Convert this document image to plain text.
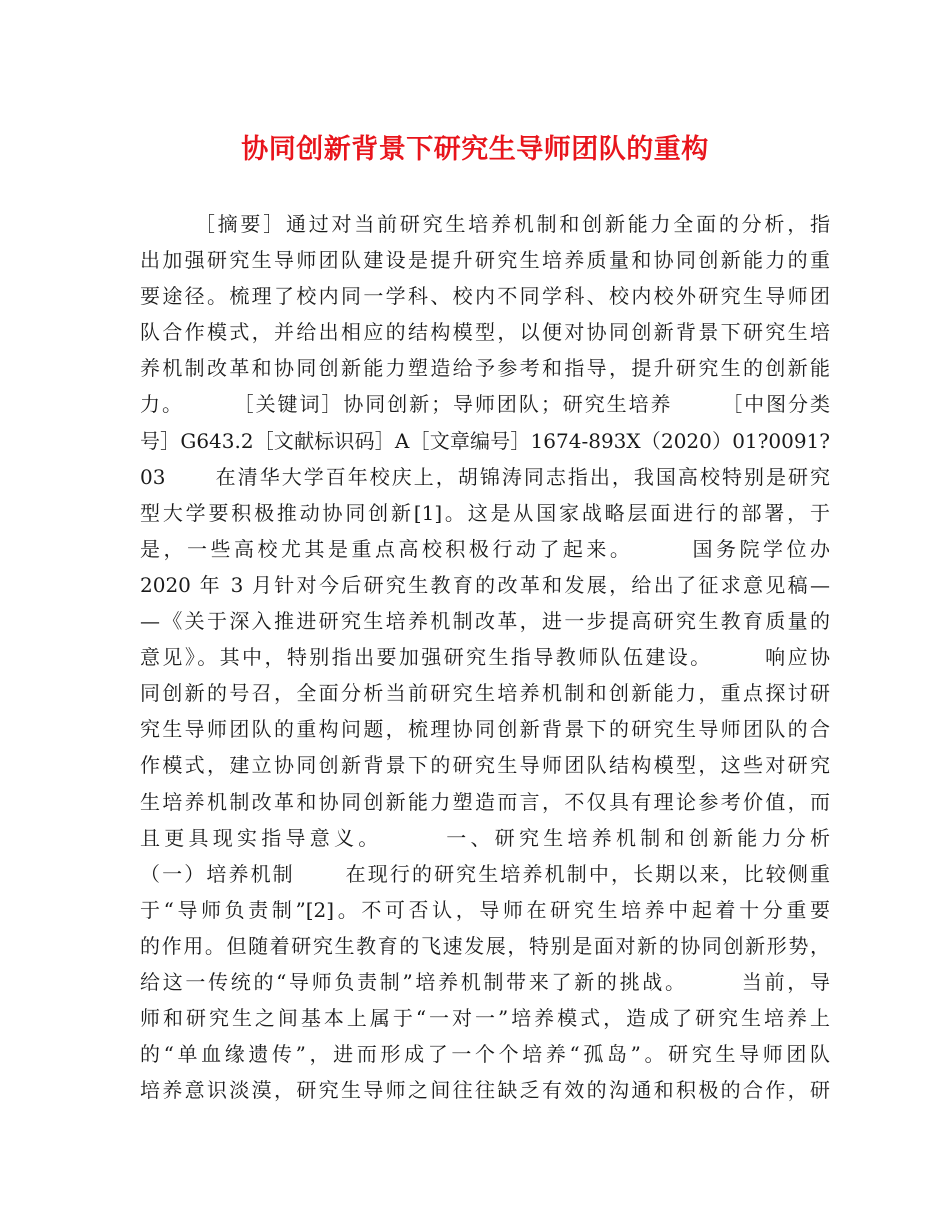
协同创新背景下研究生导师团队的重构
［摘要］通过对当前研究生培养机制和创新能力全面的分析，指
出加强研究生导师团队建设是提升研究生培养质量和协同创新能力的重
要途径。梳理了校内同一学科、校内不同学科、校内校外研究生导师团
队合作模式，并给出相应的结构模型，以便对协同创新背景下研究生培
养机制改革和协同创新能力塑造给予参考和指导，提升研究生的创新能
力。      ［关键词］协同创新；导师团队；研究生培养      ［中图分类
号］G643.2［文献标识码］A［文章编号］1674-893X（2020）01?0091?
03      在清华大学百年校庆上，胡锦涛同志指出，我国高校特别是研究
型大学要积极推动协同创新[1]。这是从国家战略层面进行的部署，于
是，一些高校尤其是重点高校积极行动了起来。      国务院学位办
2020 年 3 月针对今后研究生教育的改革和发展，给出了征求意见稿—
—《关于深入推进研究生培养机制改革，进一步提高研究生教育质量的
意见》。其中，特别指出要加强研究生指导教师队伍建设。      响应协
同创新的号召，全面分析当前研究生培养机制和创新能力，重点探讨研
究生导师团队的重构问题，梳理协同创新背景下的研究生导师团队的合
作模式，建立协同创新背景下的研究生导师团队结构模型，这些对研究
生培养机制改革和协同创新能力塑造而言，不仅具有理论参考价值，而
且更具现实指导意义。      一、研究生培养机制和创新能力分析
（一）培养机制      在现行的研究生培养机制中，长期以来，比较侧重
于“导师负责制”[2]。不可否认，导师在研究生培养中起着十分重要
的作用。但随着研究生教育的飞速发展，特别是面对新的协同创新形势，
给这一传统的“导师负责制”培养机制带来了新的挑战。      当前，导
师和研究生之间基本上属于“一对一”培养模式，造成了研究生培养上
的“单血缘遗传”，进而形成了一个个培养“孤岛”。研究生导师团队
培养意识淡漠，研究生导师之间往往缺乏有效的沟通和积极的合作，研
